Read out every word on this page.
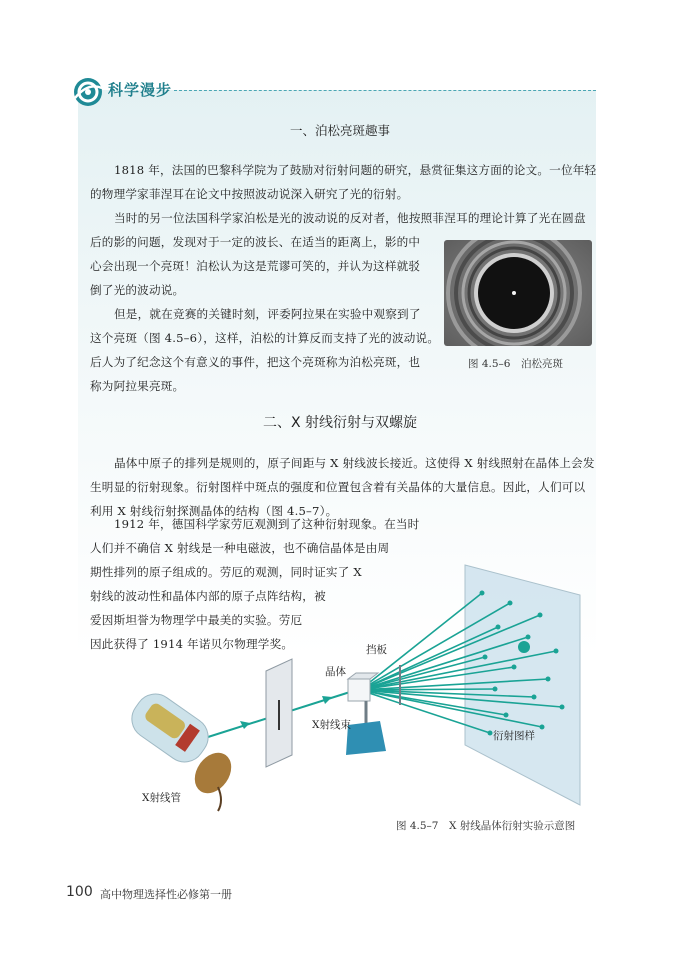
科学漫步
一、泊松亮斑趣事
1818 年，法国的巴黎科学院为了鼓励对衍射问题的研究，悬赏征集这方面的论文。一位年轻
的物理学家菲涅耳在论文中按照波动说深入研究了光的衍射。
当时的另一位法国科学家泊松是光的波动说的反对者，他按照菲涅耳的理论计算了光在圆盘
后的影的问题，发现对于一定的波长、在适当的距离上，影的中
心会出现一个亮斑！泊松认为这是荒谬可笑的，并认为这样就驳
倒了光的波动说。
但是，就在竞赛的关键时刻，评委阿拉果在实验中观察到了
这个亮斑（图 4.5–6），这样，泊松的计算反而支持了光的波动说。
后人为了纪念这个有意义的事件，把这个亮斑称为泊松亮斑，也
称为阿拉果亮斑。
图 4.5–6　泊松亮斑
二、X 射线衍射与双螺旋
晶体中原子的排列是规则的，原子间距与 X 射线波长接近。这使得 X 射线照射在晶体上会发
生明显的衍射现象。衍射图样中斑点的强度和位置包含着有关晶体的大量信息。因此，人们可以
利用 X 射线衍射探测晶体的结构（图 4.5–7）。
1912 年，德国科学家劳厄观测到了这种衍射现象。在当时
人们并不确信 X 射线是一种电磁波，也不确信晶体是由周
期性排列的原子组成的。劳厄的观测，同时证实了 X
射线的波动性和晶体内部的原子点阵结构，被
爱因斯坦誉为物理学中最美的实验。劳厄
因此获得了 1914 年诺贝尔物理学奖。
晶体
挡板
X射线束
衍射图样
X射线管
图 4.5–7　X 射线晶体衍射实验示意图
100 高中物理选择性必修第一册
